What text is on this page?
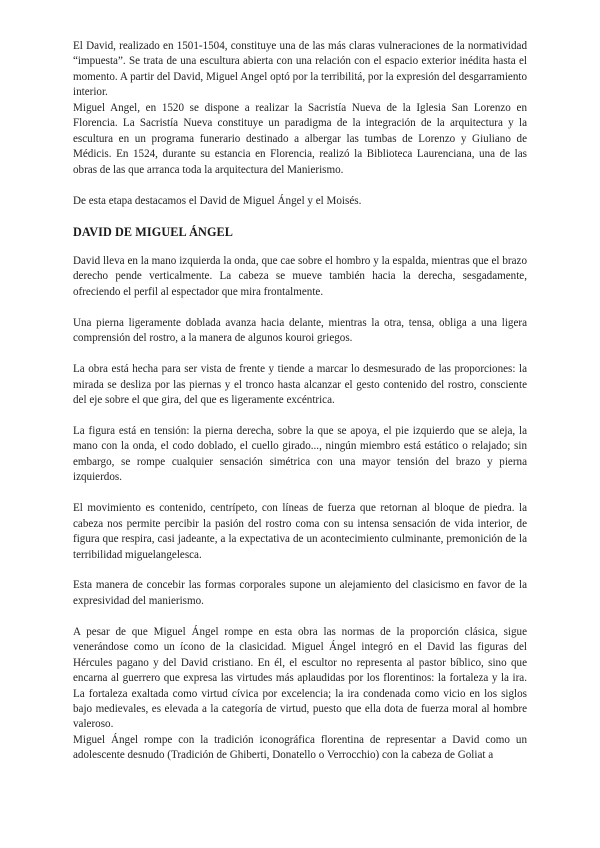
El David, realizado en 1501-1504, constituye una de las más claras vulneraciones de la normatividad “impuesta”. Se trata de una escultura abierta con una relación con el espacio exterior inédita hasta el momento. A partir del David, Miguel Angel optó por la terribilitá, por la expresión del desgarramiento interior.

Miguel Angel, en 1520 se dispone a realizar la Sacristía Nueva de la Iglesia San Lorenzo en Florencia. La Sacristía Nueva constituye un paradigma de la integración de la arquitectura y la escultura en un programa funerario destinado a albergar las tumbas de Lorenzo y Giuliano de Médicis. En 1524, durante su estancia en Florencia, realizó la Biblioteca Laurenciana, una de las obras de las que arranca toda la arquitectura del Manierismo.

De esta etapa destacamos el David de Miguel Ángel y el Moisés.

DAVID DE MIGUEL ÁNGEL

David lleva en la mano izquierda la onda, que cae sobre el hombro y la espalda, mientras que el brazo derecho pende verticalmente. La cabeza se mueve también hacia la derecha, sesgadamente, ofreciendo el perfil al espectador que mira frontalmente.

Una pierna ligeramente doblada avanza hacia delante, mientras la otra, tensa, obliga a una ligera comprensión del rostro, a la manera de algunos kouroi griegos.

La obra está hecha para ser vista de frente y tiende a marcar lo desmesurado de las proporciones: la mirada se desliza por las piernas y el tronco hasta alcanzar el gesto contenido del rostro, consciente del eje sobre el que gira, del que es ligeramente excéntrica.

La figura está en tensión: la pierna derecha, sobre la que se apoya, el pie izquierdo que se aleja, la mano con la onda, el codo doblado, el cuello girado..., ningún miembro está estático o relajado; sin embargo, se rompe cualquier sensación simétrica con una mayor tensión del brazo y pierna izquierdos.

El movimiento es contenido, centrípeto, con líneas de fuerza que retornan al bloque de piedra. la cabeza nos permite percibir la pasión del rostro coma con su intensa sensación de vida interior, de figura que respira, casi jadeante, a la expectativa de un acontecimiento culminante, premonición de la terribilidad miguelangelesca.

Esta manera de concebir las formas corporales supone un alejamiento del clasicismo en favor de la expresividad del manierismo.

A pesar de que Miguel Ángel rompe en esta obra las normas de la proporción clásica, sigue venerándose como un ícono de la clasicidad. Miguel Ángel integró en el David las figuras del Hércules pagano y del David cristiano. En él, el escultor no representa al pastor bíblico, sino que encarna al guerrero que expresa las virtudes más aplaudidas por los florentinos: la fortaleza y la ira. La fortaleza exaltada como virtud cívica por excelencia; la ira condenada como vicio en los siglos bajo medievales, es elevada a la categoría de virtud, puesto que ella dota de fuerza moral al hombre valeroso.

Miguel Ángel rompe con la tradición iconográfica florentina de representar a David como un adolescente desnudo (Tradición de Ghiberti, Donatello o Verrocchio) con la cabeza de Goliat a
